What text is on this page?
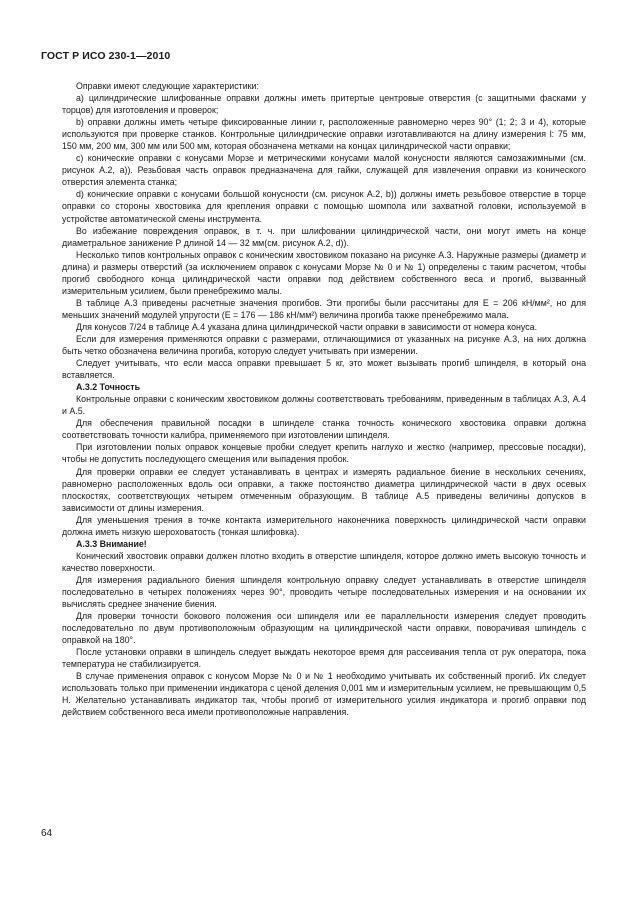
ГОСТ Р ИСО 230-1—2010

Оправки имеют следующие характеристики:

a) цилиндрические шлифованные оправки должны иметь притертые центровые отверстия (с защитными фасками у торцов) для изготовления и проверок;

b) оправки должны иметь четыре фиксированные линии r, расположенные равномерно через 90° (1; 2; 3 и 4), которые используются при проверке станков. Контрольные цилиндрические оправки изготавливаются на длину измерения l: 75 мм, 150 мм, 200 мм, 300 мм или 500 мм, которая обозначена метками на концах цилиндрической части оправки;

c) конические оправки с конусами Морзе и метрическими конусами малой конусности являются самозажимными (см. рисунок А.2, а)). Резьбовая часть оправок предназначена для гайки, служащей для извлечения оправки из конического отверстия элемента станка;

d) конические оправки с конусами большой конусности (см. рисунок А.2, b)) должны иметь резьбовое отверстие в торце оправки со стороны хвостовика для крепления оправки с помощью шомпола или захватной головки, используемой в устройстве автоматической смены инструмента.

Во избежание повреждения оправок, в т. ч. при шлифовании цилиндрической части, они могут иметь на конце диаметральное занижение Р длиной 14 — 32 мм(см. рисунок А.2, d)).

Несколько типов контрольных оправок с коническим хвостовиком показано на рисунке А.3. Наружные размеры (диаметр и длина) и размеры отверстий (за исключением оправок с конусами Морзе № 0 и № 1) определены с таким расчетом, чтобы прогиб свободного конца цилиндрической части оправки под действием собственного веса и прогиб, вызванный измерительным усилием, были пренебрежимо малы.

В таблице А.3 приведены расчетные значения прогибов. Эти прогибы были рассчитаны для Е = 206 кН/мм², но для меньших значений модулей упругости (Е = 176 — 186 кН/мм²) величина прогиба также пренебрежимо мала.

Для конусов 7/24 в таблице А.4 указана длина цилиндрической части оправки в зависимости от номера конуса.

Если для измерения применяются оправки с размерами, отличающимися от указанных на рисунке А.3, на них должна быть четко обозначена величина прогиба, которую следует учитывать при измерении.

Следует учитывать, что если масса оправки превышает 5 кг, это может вызывать прогиб шпинделя, в который она вставляется.

А.3.2 Точность

Контрольные оправки с коническим хвостовиком должны соответствовать требованиям, приведенным в таблицах А.3, А.4 и А.5.

Для обеспечения правильной посадки в шпинделе станка точность конического хвостовика оправки должна соответствовать точности калибра, применяемого при изготовлении шпинделя.

При изготовлении полых оправок концевые пробки следует крепить наглухо и жестко (например, прессовые посадки), чтобы не допустить последующего смещения или выпадения пробок.

Для проверки оправки ее следует устанавливать в центрах и измерять радиальное биение в нескольких сечениях, равномерно расположенных вдоль оси оправки, а также постоянство диаметра цилиндрической части в двух осевых плоскостях, соответствующих четырем отмеченным образующим. В таблице А.5 приведены величины допусков в зависимости от длины измерения.

Для уменьшения трения в точке контакта измерительного наконечника поверхность цилиндрической части оправки должна иметь низкую шероховатость (тонкая шлифовка).

А.3.3 Внимание!

Конический хвостовик оправки должен плотно входить в отверстие шпинделя, которое должно иметь высокую точность и качество поверхности.

Для измерения радиального биения шпинделя контрольную оправку следует устанавливать в отверстие шпинделя последовательно в четырех положениях через 90°, проводить четыре последовательных измерения и на основании их вычислять среднее значение биения.

Для проверки точности бокового положения оси шпинделя или ее параллельности измерения следует проводить последовательно по двум противоположным образующим на цилиндрической части оправки, поворачивая шпиндель с оправкой на 180°.

После установки оправки в шпиндель следует выждать некоторое время для рассеивания тепла от рук оператора, пока температура не стабилизируется.

В случае применения оправок с конусом Морзе № 0 и № 1 необходимо учитывать их собственный прогиб. Их следует использовать только при применении индикатора с ценой деления 0,001 мм и измерительным усилием, не превышающим 0,5 Н. Желательно устанавливать индикатор так, чтобы прогиб от измерительного усилия индикатора и прогиб оправки под действием собственного веса имели противоположные направления.

64
